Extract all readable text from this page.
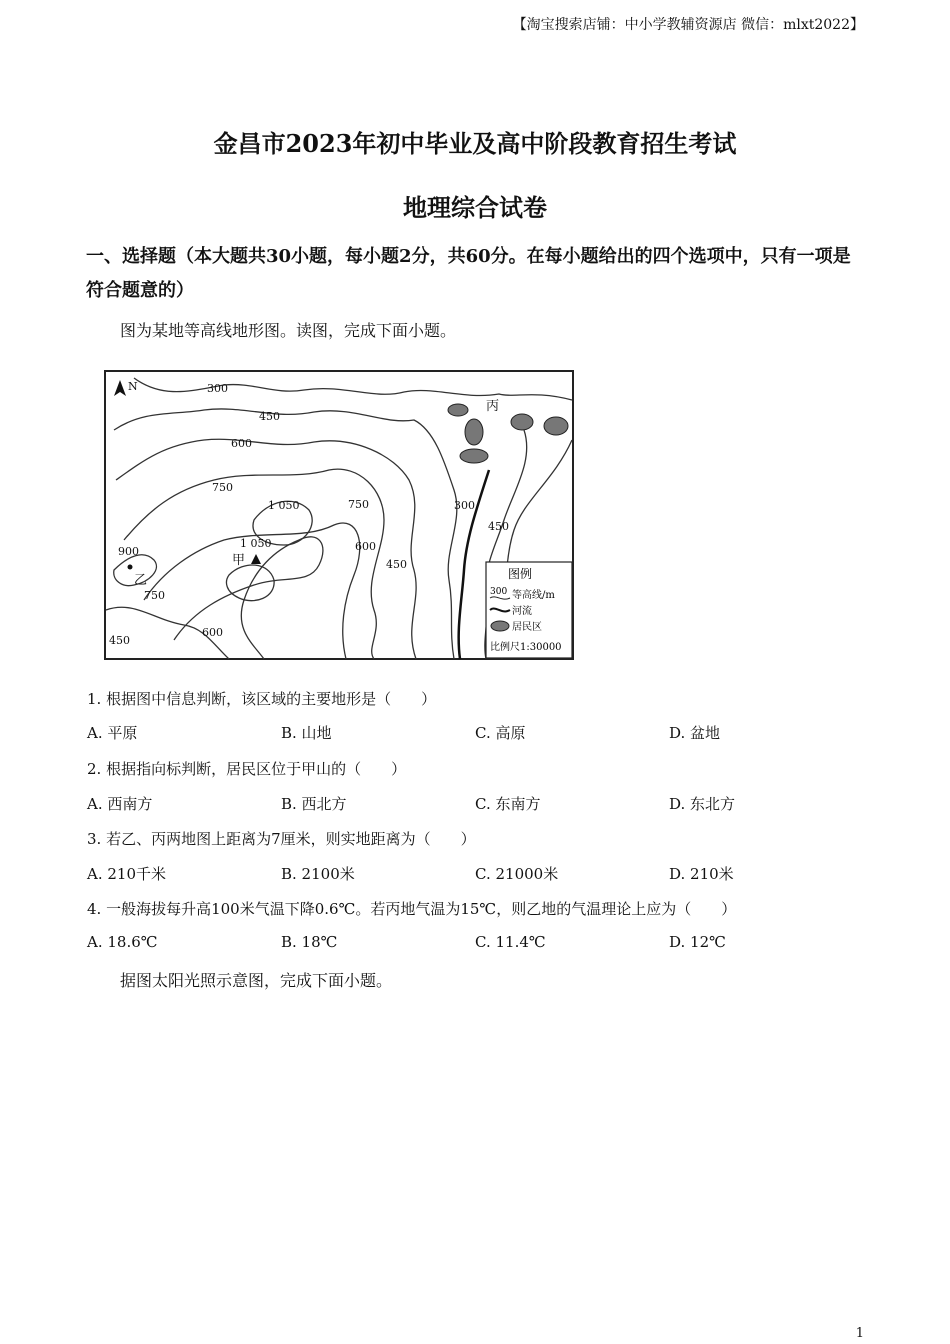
【淘宝搜索店铺：中小学教辅资源店 微信：mlxt2022】
金昌市2023年初中毕业及高中阶段教育招生考试
地理综合试卷
一、选择题（本大题共30小题，每小题2分，共60分。在每小题给出的四个选项中，只有一项是符合题意的）
图为某地等高线地形图。读图，完成下面小题。
N	300
450
600
750
1 050
1 050
750
600
450
300
450
900
750
450
600
甲
乙
丙
图例
300 等高线/m
河流
居民区
比例尺1:30000
1. 根据图中信息判断，该区域的主要地形是（　　）
A. 平原	B. 山地	C. 高原	D. 盆地
2. 根据指向标判断，居民区位于甲山的（　　）
A. 西南方	B. 西北方	C. 东南方	D. 东北方
3. 若乙、丙两地图上距离为7厘米，则实地距离为（　　）
A. 210千米	B. 2100米	C. 21000米	D. 210米
4. 一般海拔每升高100米气温下降0.6℃。若丙地气温为15℃，则乙地的气温理论上应为（　　）
A. 18.6℃	B. 18℃	C. 11.4℃	D. 12℃
据图太阳光照示意图，完成下面小题。
1
